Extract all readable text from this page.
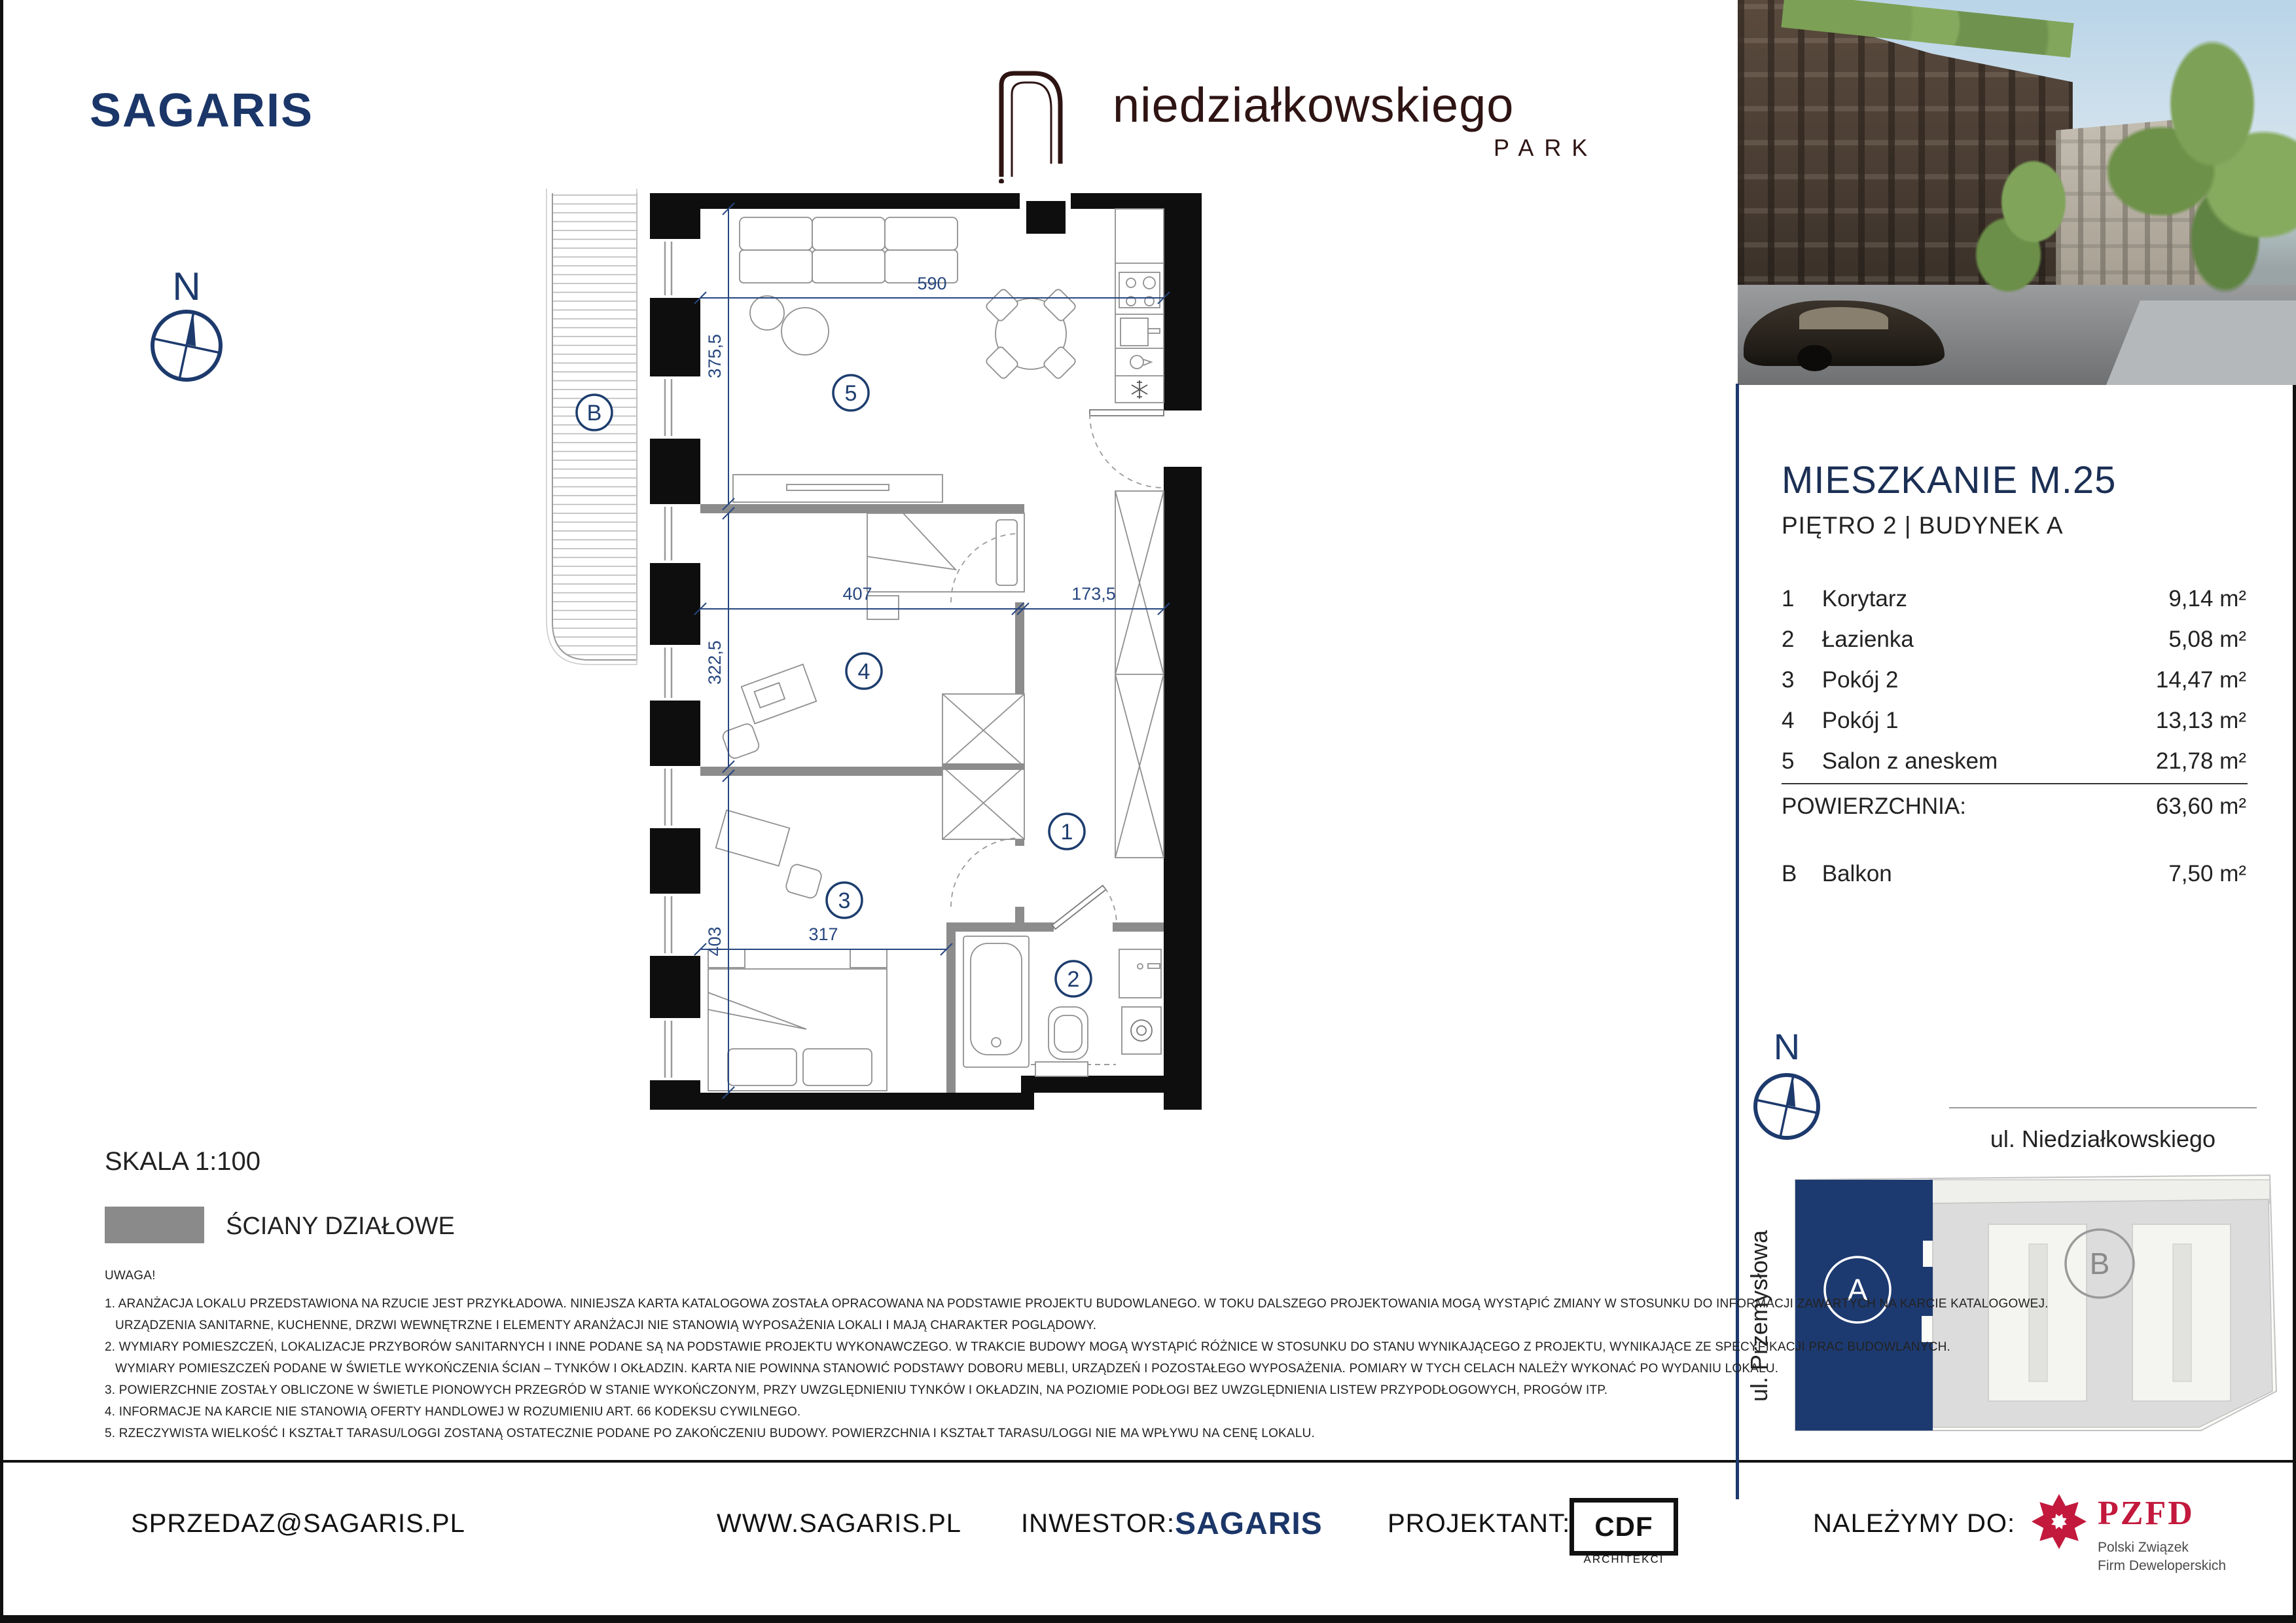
SAGARIS	niedziałkowskiego
PARK
N	590
375,5
407	173,5
322,5
403	317
B
5
4
3
1
2
MIESZKANIE M.25
PIĘTRO 2 | BUDYNEK A
1 Korytarz	9,14 m²
2 Łazienka	5,08 m²
3 Pokój 2	14,47 m²
4 Pokój 1	13,13 m²
5 Salon z aneskem	21,78 m²
POWIERZCHNIA:	63,60 m²
B Balkon	7,50 m²
N
ul. Niedziałkowskiego
ul. Przemysłowa A
B
SKALA 1:100
ŚCIANY DZIAŁOWE
UWAGA!
1. ARANŻACJA LOKALU PRZEDSTAWIONA NA RZUCIE JEST PRZYKŁADOWA. NINIEJSZA KARTA KATALOGOWA ZOSTAŁA OPRACOWANA NA PODSTAWIE PROJEKTU BUDOWLANEGO. W TOKU DALSZEGO PROJEKTOWANIA MOGĄ WYSTĄPIĆ ZMIANY W STOSUNKU DO INFORMACJI ZAWARTYCH NA KARCIE KATALOGOWEJ.
URZĄDZENIA SANITARNE, KUCHENNE, DRZWI WEWNĘTRZNE I ELEMENTY ARANŻACJI NIE STANOWIĄ WYPOSAŻENIA LOKALI I MAJĄ CHARAKTER POGLĄDOWY.
2. WYMIARY POMIESZCZEŃ, LOKALIZACJE PRZYBORÓW SANITARNYCH I INNE PODANE SĄ NA PODSTAWIE PROJEKTU WYKONAWCZEGO. W TRAKCIE BUDOWY MOGĄ WYSTĄPIĆ RÓŻNICE W STOSUNKU DO STANU WYNIKAJĄCEGO Z PROJEKTU, WYNIKAJĄCE ZE SPECYFIKACJI PRAC BUDOWLANYCH.
WYMIARY POMIESZCZEŃ PODANE W ŚWIETLE WYKOŃCZENIA ŚCIAN – TYNKÓW I OKŁADZIN. KARTA NIE POWINNA STANOWIĆ PODSTAWY DOBORU MEBLI, URZĄDZEŃ I POZOSTAŁEGO WYPOSAŻENIA. POMIARY W TYCH CELACH NALEŻY WYKONAĆ PO WYDANIU LOKALU.
3. POWIERZCHNIE ZOSTAŁY OBLICZONE W ŚWIETLE PIONOWYCH PRZEGRÓD W STANIE WYKOŃCZONYM, PRZY UWZGLĘDNIENIU TYNKÓW I OKŁADZIN, NA POZIOMIE PODŁOGI BEZ UWZGLĘDNIENIA LISTEW PRZYPODŁOGOWYCH, PROGÓW ITP.
4. INFORMACJE NA KARCIE NIE STANOWIĄ OFERTY HANDLOWEJ W ROZUMIENIU ART. 66 KODEKSU CYWILNEGO.
5. RZECZYWISTA WIELKOŚĆ I KSZTAŁT TARASU/LOGGI ZOSTANĄ OSTATECZNIE PODANE PO ZAKOŃCZENIU BUDOWY. POWIERZCHNIA I KSZTAŁT TARASU/LOGGI NIE MA WPŁYWU NA CENĘ LOKALU.
SPRZEDAZ@SAGARIS.PL	WWW.SAGARIS.PL INWESTOR: SAGARIS PROJEKTANT: CDF
ARCHITEKCI
NALEŻYMY DO: PZFD
Polski Związek
Firm Deweloperskich
